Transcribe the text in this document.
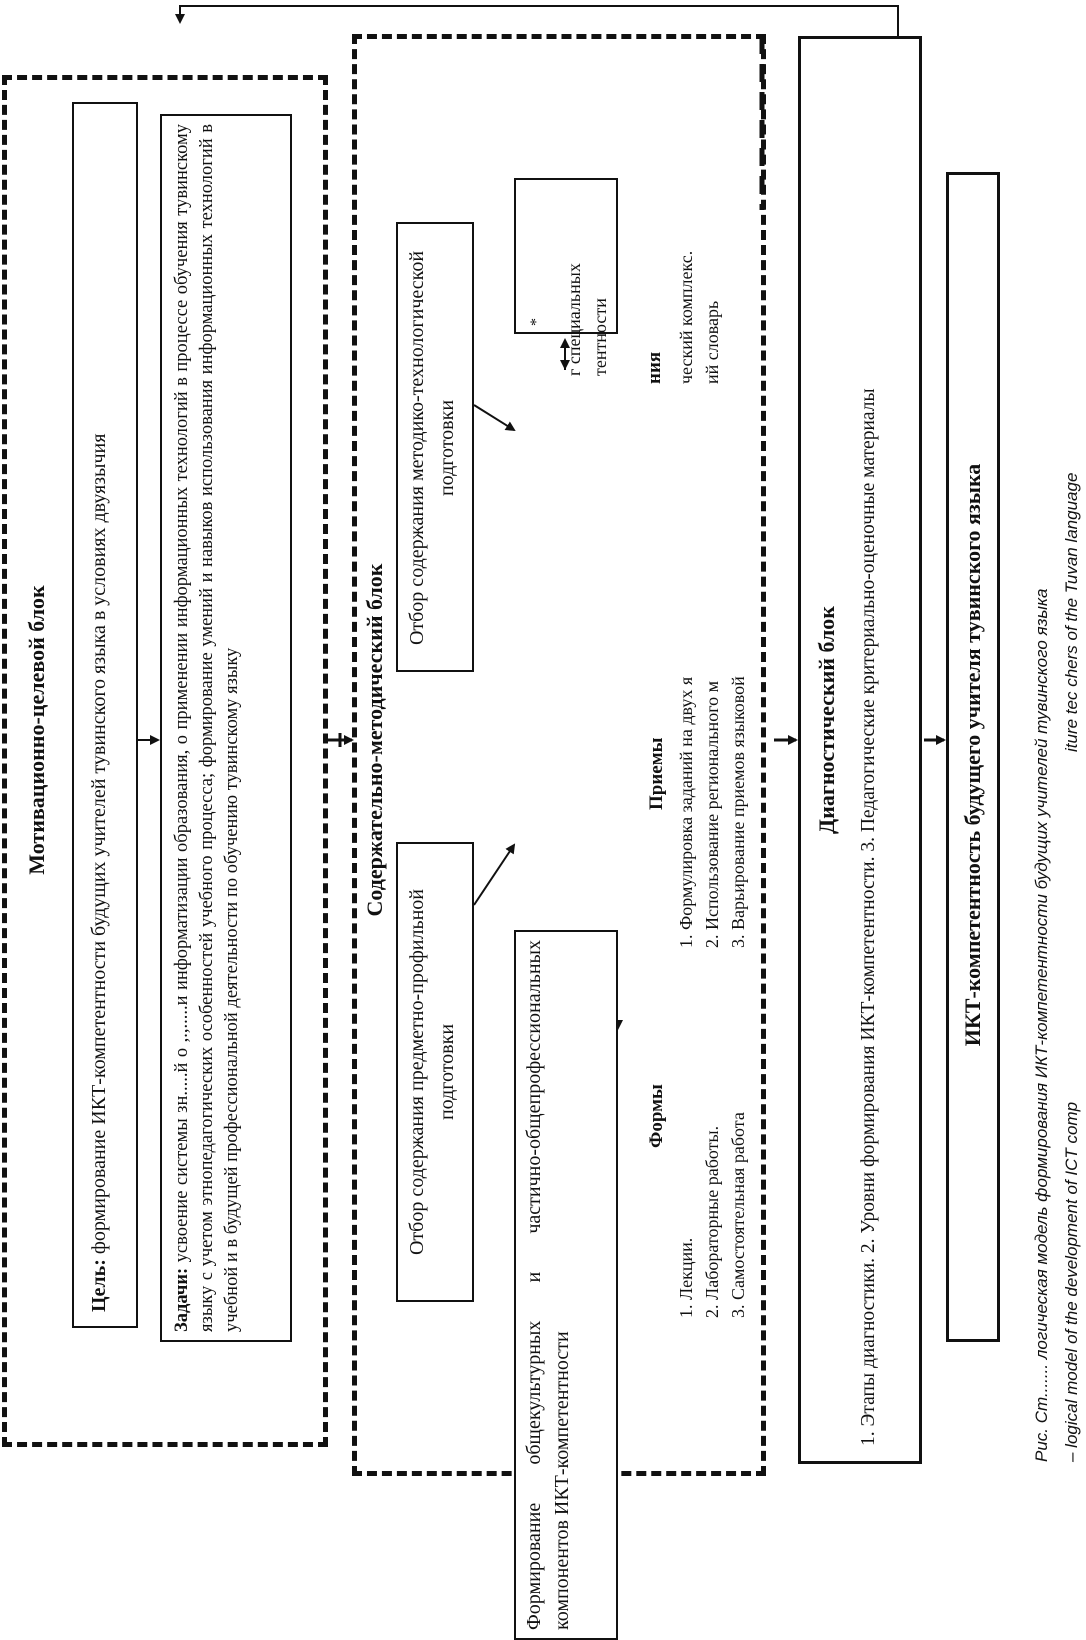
Мотивационно-целевой блок
Цель: формирование ИКТ-компетентности будущих учителей тувинского языка в условиях двуязычия
Задачи: усвоение системы зн.....й о ,.,.....и информатизации образования, о применении информационных технологий в процессе обучения тувинскому языку с учетом этнопедагогических особенностей учебного процесса; формирование умений и навыков использования информационных технологий в учебной и в будущей профессиональной деятельности по обучению тувинскому языку	Содержательно-методический блок
Отбор содержания предметно-профильной подготовки
Отбор содержания методико-технологической подготовки
Формирование общекультурных и частично-общепрофессиональных компонентов ИКТ-компетентности
г специальных тентности
*
ния ческий комплекс. ий словарь
Формы
1. Лекции. 2. Лабораторные работы. 3. Самостоятельная работа
Приемы 1. Формулировка заданий на двух я 2. Использование регионального м 3. Варьирование приемов языковой	Диагностический блок 1. Этапы диагностики. 2. Уровни формирования ИКТ-компетентности. 3. Педагогические критериально-оценочные материалы	ИКТ-компетентность будущего учителя тувинского языка
Рис. Ст....... логическая модель формирования ИКТ-компетентности будущих учителей тувинского языка – logical model of the development of ICT comp
iture tec chers of the Tuvan language
